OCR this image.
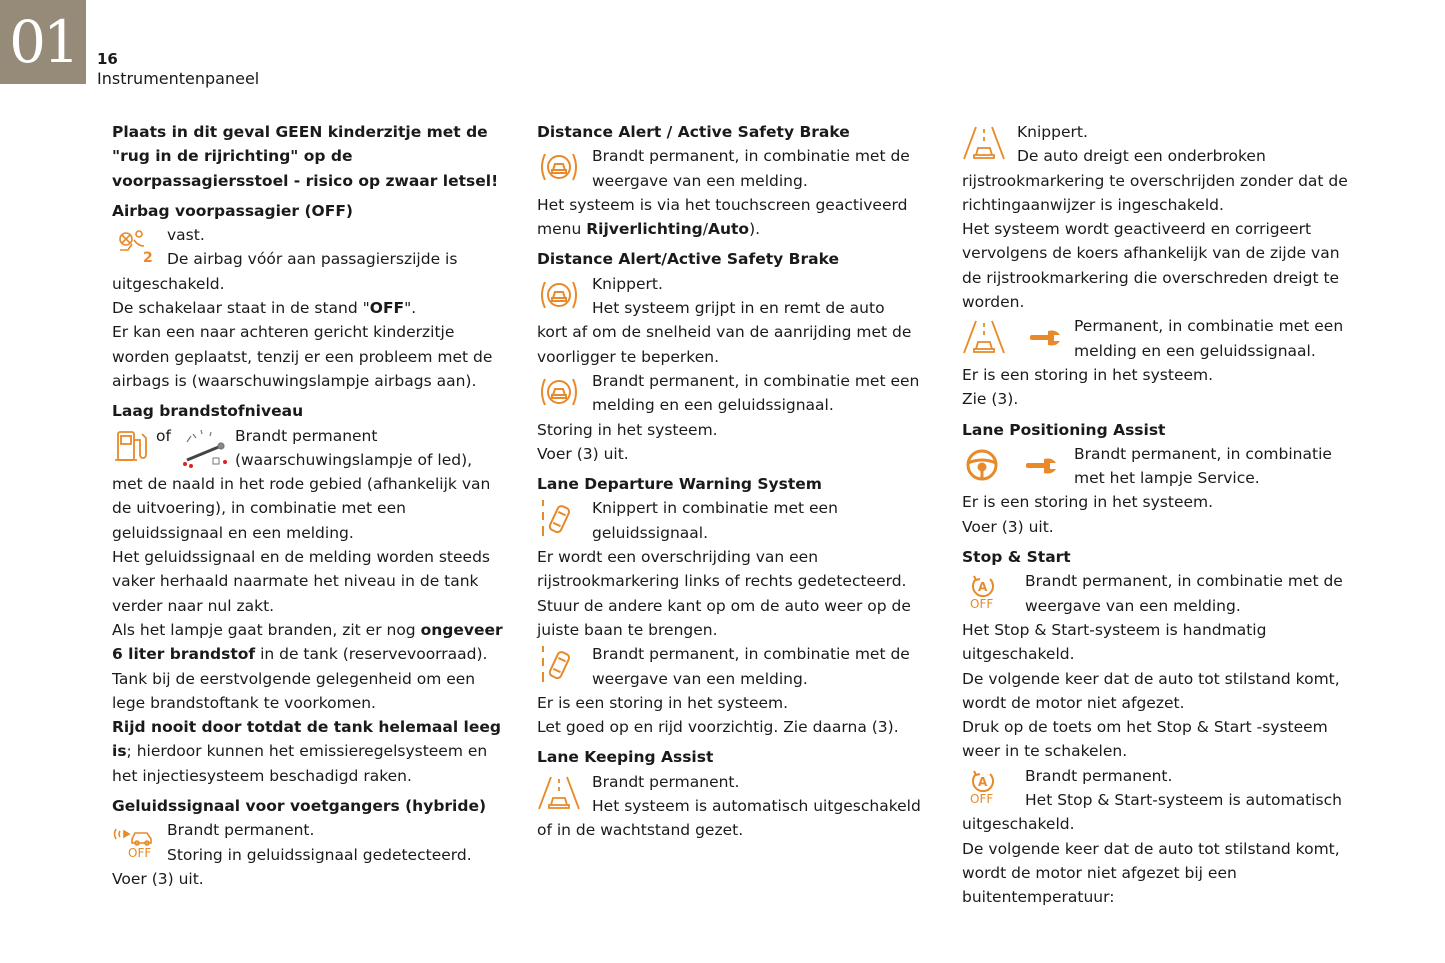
01	16
Instrumentenpaneel

Plaats in dit geval GEEN kinderzitje met de "rug in de rijrichting" op de voorpassagiersstoel - risico op zwaar letsel!

Airbag voorpassagier (OFF)
2

vast.

De airbag vóór aan passagierszijde is

uitgeschakeld.

De schakelaar staat in de stand "OFF".

Er kan een naar achteren gericht kinderzitje worden geplaatst, tenzij er een probleem met de airbags is (waarschuwingslampje airbags aan).

Laag brandstofniveau
of	Brandt permanent

(waarschuwingslampje of led),

met de naald in het rode gebied (afhankelijk van de uitvoering), in combinatie met een geluidssignaal en een melding.

Het geluidssignaal en de melding worden steeds vaker herhaald naarmate het niveau in de tank verder naar nul zakt.

Als het lampje gaat branden, zit er nog ongeveer 6 liter brandstof in de tank (reservevoorraad).

Tank bij de eerstvolgende gelegenheid om een lege brandstoftank te voorkomen.

Rijd nooit door totdat de tank helemaal leeg is; hierdoor kunnen het emissieregelsysteem en het injectiesysteem beschadigd raken.

Geluidssignaal voor voetgangers (hybride)
OFF

Brandt permanent.

Storing in geluidssignaal gedetecteerd.

Voer (3) uit.

Distance Alert / Active Safety Brake

Brandt permanent, in combinatie met de

weergave van een melding.

Het systeem is via het touchscreen geactiveerd menu Rijverlichting/Auto).

Distance Alert/Active Safety Brake

Knippert.

Het systeem grijpt in en remt de auto

kort af om de snelheid van de aanrijding met de voorligger te beperken.

Brandt permanent, in combinatie met een

melding en een geluidssignaal.

Storing in het systeem.

Voer (3) uit.

Lane Departure Warning System

Knippert in combinatie met een

geluidssignaal.

Er wordt een overschrijding van een rijstrookmarkering links of rechts gedetecteerd.

Stuur de andere kant op om de auto weer op de juiste baan te brengen.

Brandt permanent, in combinatie met de

weergave van een melding.

Er is een storing in het systeem.

Let goed op en rijd voorzichtig. Zie daarna (3).

Lane Keeping Assist

Brandt permanent.

Het systeem is automatisch uitgeschakeld

of in de wachtstand gezet.

Knippert.

De auto dreigt een onderbroken

rijstrookmarkering te overschrijden zonder dat de richtingaanwijzer is ingeschakeld.

Het systeem wordt geactiveerd en corrigeert vervolgens de koers afhankelijk van de zijde van de rijstrookmarkering die overschreden dreigt te worden.

Permanent, in combinatie met een

melding en een geluidssignaal.

Er is een storing in het systeem.

Zie (3).

Lane Positioning Assist

Brandt permanent, in combinatie

met het lampje Service.

Er is een storing in het systeem.

Voer (3) uit.

Stop & Start
A
OFF

Brandt permanent, in combinatie met de

weergave van een melding.

Het Stop & Start-systeem is handmatig uitgeschakeld.

De volgende keer dat de auto tot stilstand komt, wordt de motor niet afgezet.

Druk op de toets om het Stop & Start -systeem weer in te schakelen.

A
OFF

Brandt permanent.

Het Stop & Start-systeem is automatisch

uitgeschakeld.

De volgende keer dat de auto tot stilstand komt, wordt de motor niet afgezet bij een buitentemperatuur:
